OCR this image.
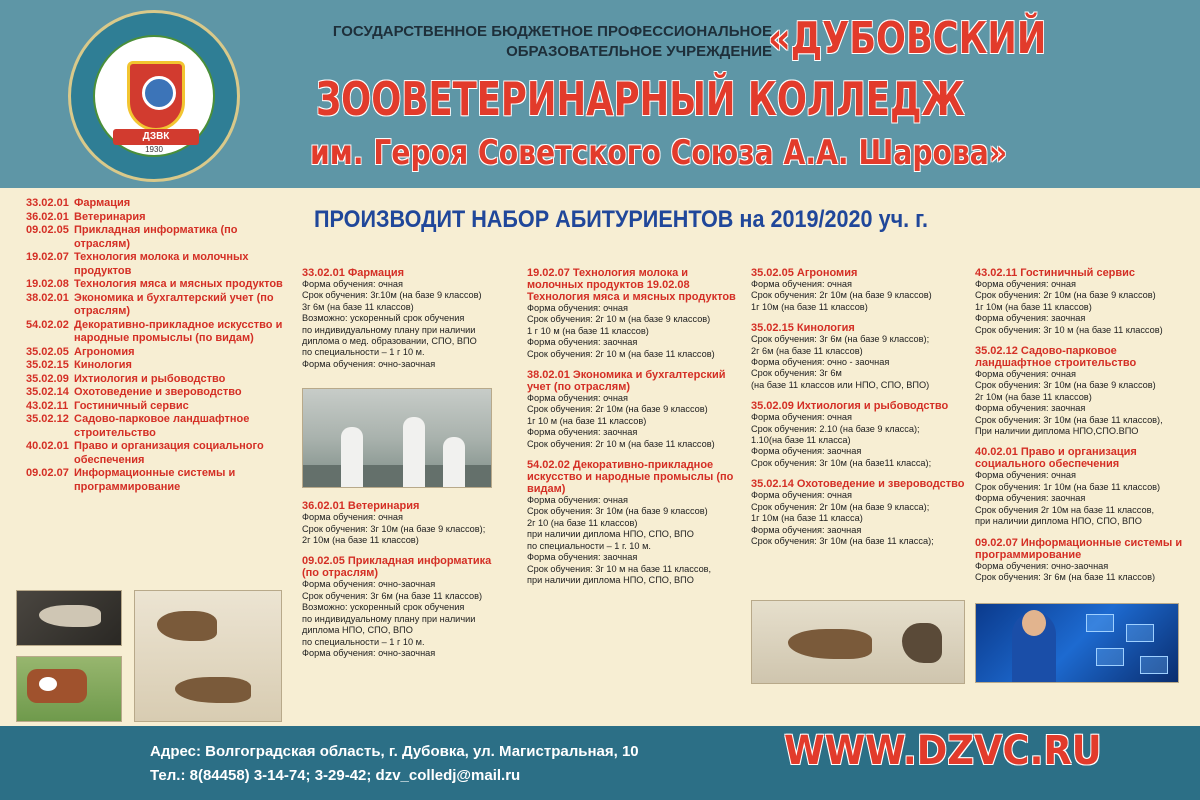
ДЗВК
1930
ГОСУДАРСТВЕННОЕ БЮДЖЕТНОЕ ПРОФЕССИОНАЛЬНОЕ
ОБРАЗОВАТЕЛЬНОЕ УЧРЕЖДЕНИЕ
«ДУБОВСКИЙ
ЗООВЕТЕРИНАРНЫЙ КОЛЛЕДЖ
им. Героя Советского Союза А.А. Шарова»
ПРОИЗВОДИТ НАБОР АБИТУРИЕНТОВ на 2019/2020 уч. г.
33.02.01 Фармация
36.02.01 Ветеринария
09.02.05 Прикладная информатика (по отраслям)
19.02.07 Технология молока и молочных продуктов
19.02.08 Технология мяса и мясных продуктов
38.02.01 Экономика и бухгалтерский учет (по отраслям)
54.02.02 Декоративно-прикладное искусство и народные промыслы (по видам)
35.02.05 Агрономия
35.02.15 Кинология
35.02.09 Ихтиология и рыбоводство
35.02.14 Охотоведение и звероводство
43.02.11 Гостиничный сервис
35.02.12 Садово-парковое ландшафтное строительство
40.02.01 Право и организация социального обеспечения
09.02.07 Информационные системы и программирование
33.02.01 Фармация
Форма обучения: очная
Срок обучения: 3г.10м (на базе 9 классов)
3г 6м (на базе 11 классов)
Возможно: ускоренный срок обучения
по индивидуальному плану при наличии
диплома о мед. образовании, СПО, ВПО
по специальности – 1 г 10 м.
Форма обучения: очно-заочная
36.02.01 Ветеринария
Форма обучения: очная
Срок обучения: 3г 10м (на базе 9 классов);
2г 10м (на базе 11 классов)
09.02.05 Прикладная информатика (по отраслям)
Форма обучения: очно-заочная
Срок обучения: 3г 6м (на базе 11 классов)
Возможно: ускоренный срок обучения
по индивидуальному плану при наличии
диплома НПО, СПО, ВПО
по специальности – 1 г 10 м.
Форма обучения: очно-заочная
19.02.07 Технология молока и молочных продуктов 19.02.08 Технология мяса и мясных продуктов
Форма обучения: очная
Срок обучения: 2г 10 м (на базе 9 классов)
1 г 10 м (на базе 11 классов)
Форма обучения: заочная
Срок обучения: 2г 10 м (на базе 11 классов)
38.02.01 Экономика и бухгалтерский учет (по отраслям)
Форма обучения: очная
Срок обучения: 2г 10м (на базе 9 классов)
1г 10 м (на базе 11 классов)
Форма обучения: заочная
Срок обучения: 2г 10 м (на базе 11 классов)
54.02.02 Декоративно-прикладное искусство и народные промыслы (по видам)
Форма обучения: очная
Срок обучения: 3г 10м (на базе 9 классов)
2г 10 (на базе 11 классов)
при наличии диплома НПО, СПО, ВПО
по специальности – 1 г. 10 м.
Форма обучения: заочная
Срок обучения: 3г 10 м на базе 11 классов,
при наличии диплома НПО, СПО, ВПО
35.02.05 Агрономия
Форма обучения: очная
Срок обучения: 2г 10м (на базе 9 классов)
1г 10м (на базе 11 классов)
35.02.15 Кинология
Срок обучения: 3г 6м (на базе 9 классов);
2г 6м (на базе 11 классов)
Форма обучения: очно - заочная
Срок обучения: 3г 6м
(на базе 11 классов или НПО, СПО, ВПО)
35.02.09 Ихтиология и рыбоводство
Форма обучения: очная
Срок обучения: 2.10 (на базе 9 класса);
1.10(на базе 11 класса)
Форма обучения: заочная
Срок обучения: 3г 10м (на базе11 класса);
35.02.14 Охотоведение и звероводство
Форма обучения: очная
Срок обучения: 2г 10м (на базе 9 класса);
1г 10м (на базе 11 класса)
Форма обучения: заочная
Срок обучения: 3г 10м (на базе 11 класса);
43.02.11 Гостиничный сервис
Форма обучения: очная
Срок обучения: 2г 10м (на базе 9 классов)
1г 10м (на базе 11 классов)
Форма обучения: заочная
Срок обучения: 3г 10 м (на базе 11 классов)
35.02.12 Садово-парковое ландшафтное строительство
Форма обучения: очная
Срок обучения: 3г 10м (на базе 9 классов)
2г 10м (на базе 11 классов)
Форма обучения: заочная
Срок обучения: 3г 10м (на базе 11 классов),
При наличии диплома НПО,СПО.ВПО
40.02.01 Право и организация социального обеспечения
Форма обучения: очная
Срок обучения: 1г 10м (на базе 11 классов)
Форма обучения: заочная
Срок обучения 2г 10м на базе 11 классов,
при наличии диплома НПО, СПО, ВПО
09.02.07 Информационные системы и программирование
Форма обучения: очно-заочная
Срок обучения: 3г 6м (на базе 11 классов)
Адрес: Волгоградская область, г. Дубовка, ул. Магистральная, 10
Тел.: 8(84458) 3-14-74; 3-29-42; dzv_colledj@mail.ru
WWW.DZVC.RU
